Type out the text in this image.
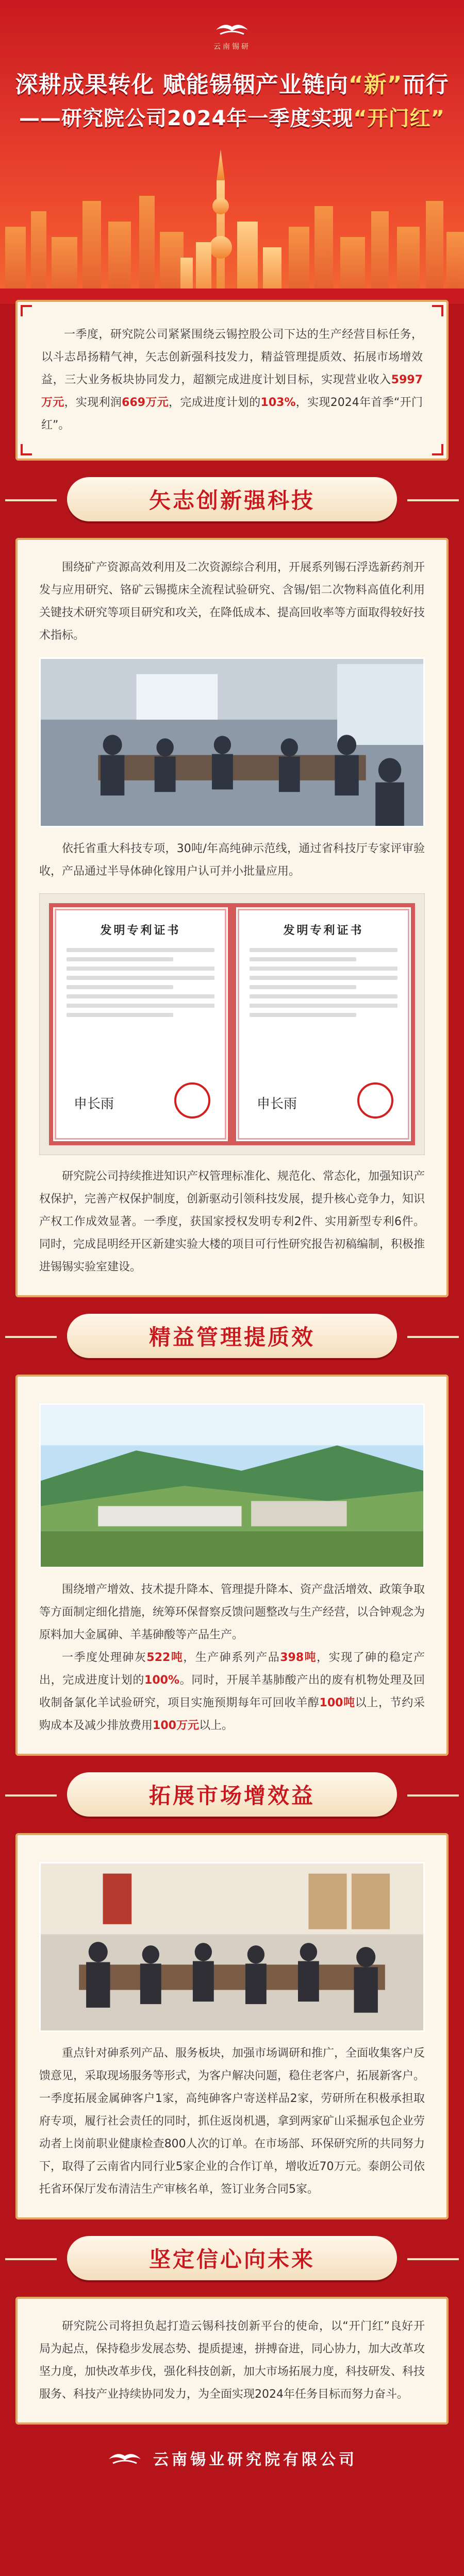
云南锡研
深耕成果转化 赋能锡铟产业链向“新”而行
——研究院公司2024年一季度实现“开门红”

一季度，研究院公司紧紧围绕云锡控股公司下达的生产经营目标任务，以斗志昂扬精气神，矢志创新强科技发力，精益管理提质效、拓展市场增效益，三大业务板块协同发力，超额完成进度计划目标，实现营业收入5997万元，实现利润669万元，完成进度计划的103%，实现2024年首季“开门红”。

矢志创新强科技

围绕矿产资源高效利用及二次资源综合利用，开展系列锡石浮选新药剂开发与应用研究、铬矿云锡揽床全流程试验研究、含锡/铝二次物料高值化利用关键技术研究等项目研究和攻关，在降低成本、提高回收率等方面取得较好技术指标。

依托省重大科技专项，30吨/年高纯砷示范线，通过省科技厅专家评审验收，产品通过半导体砷化镓用户认可并小批量应用。

发明专利证书
申长雨
发明专利证书
申长雨

研究院公司持续推进知识产权管理标准化、规范化、常态化，加强知识产权保护，完善产权保护制度，创新驱动引领科技发展，提升核心竞争力，知识产权工作成效显著。一季度，获国家授权发明专利2件、实用新型专利6件。同时，完成昆明经开区新建实验大楼的项目可行性研究报告初稿编制，积极推进锡锡实验室建设。

精益管理提质效

围绕增产增效、技术提升降本、管理提升降本、资产盘活增效、政策争取等方面制定细化措施，统筹环保督察反馈问题整改与生产经营，以合钟观念为原料加大金属砷、羊基砷酸等产品生产。

一季度处理砷灰522吨，生产砷系列产品398吨，实现了砷的稳定产出，完成进度计划的100%。同时，开展羊基肺酸产出的废有机物处理及回收制备氯化羊试验研究，项目实施预期每年可回收羊醇100吨以上，节约采购成本及减少排放费用100万元以上。

拓展市场增效益

重点针对砷系列产品、服务板块，加强市场调研和推广，全面收集客户反馈意见，采取现场服务等形式，为客户解决问题，稳住老客户，拓展新客户。一季度拓展金属砷客户1家，高纯砷客户寄送样品2家，劳研所在积极承担取府专项，履行社会责任的同时，抓住返岗机遇，拿到两家矿山采掘承包企业劳动者上岗前职业健康检查800人次的订单。在市场部、环保研究所的共同努力下，取得了云南省内同行业5家企业的合作订单，增收近70万元。泰朗公司依托省环保厅发布清洁生产审核名单，签订业务合同5家。

坚定信心向未来

研究院公司将担负起打造云锡科技创新平台的使命，以“开门红”良好开局为起点，保持稳步发展态势、提质提速，拼搏奋进，同心协力，加大改革攻坚力度，加快改革步伐，强化科技创新，加大市场拓展力度，科技研发、科技服务、科技产业持续协同发力，为全面实现2024年任务目标而努力奋斗。

云南锡业研究院有限公司
